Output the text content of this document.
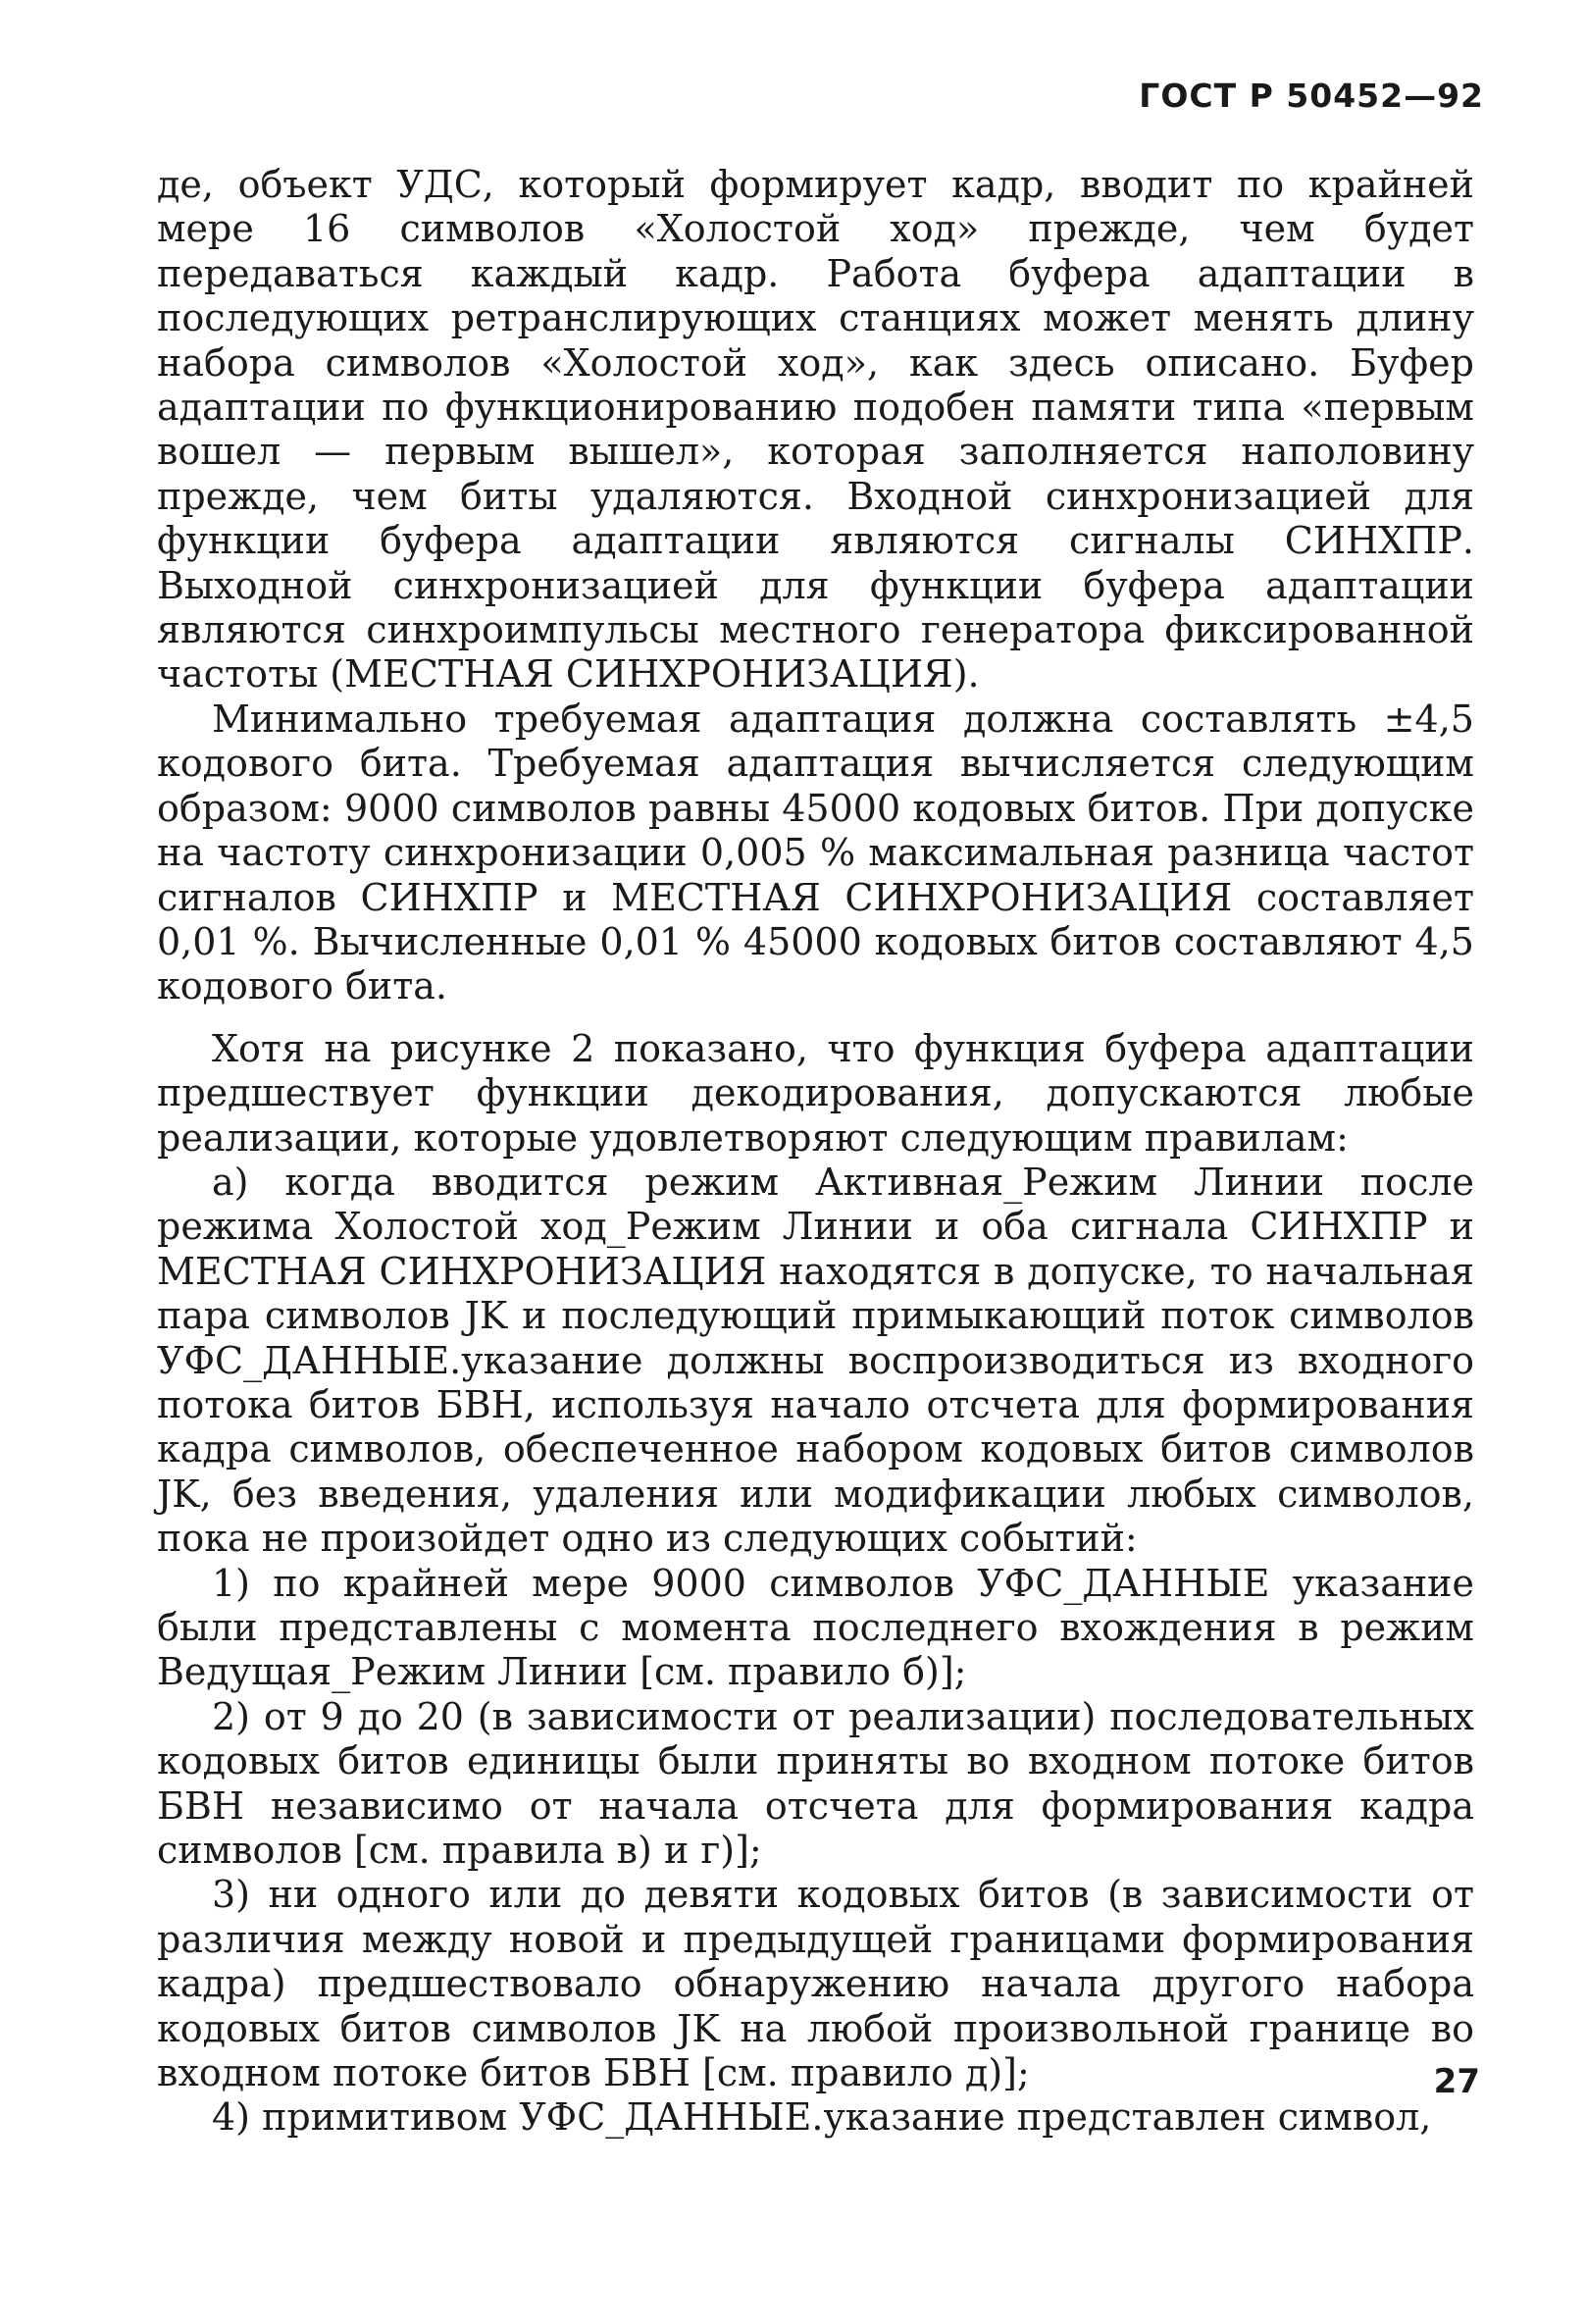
ГОСТ Р 50452—92

де, объект УДС, который формирует кадр, вводит по крайней мере 16 символов «Холостой ход» прежде, чем будет передаваться каждый кадр. Работа буфера адаптации в последующих ретранслирующих станциях может менять длину набора символов «Холостой ход», как здесь описано. Буфер адаптации по функционированию подобен памяти типа «первым вошел — первым вышел», которая заполняется наполовину прежде, чем биты удаляются. Входной синхронизацией для функции буфера адаптации являются сигналы СИНХПР. Выходной синхронизацией для функции буфера адаптации являются синхроимпульсы местного генератора фиксированной частоты (МЕСТНАЯ СИНХРОНИЗАЦИЯ).

Минимально требуемая адаптация должна составлять ±4,5 кодового бита. Требуемая адаптация вычисляется следующим образом: 9000 символов равны 45000 кодовых битов. При допуске на частоту синхронизации 0,005 % максимальная разница частот сигналов СИНХПР и МЕСТНАЯ СИНХРОНИЗАЦИЯ составляет 0,01 %. Вычисленные 0,01 % 45000 кодовых битов составляют 4,5 кодового бита.

Хотя на рисунке 2 показано, что функция буфера адаптации предшествует функции декодирования, допускаются любые реализации, которые удовлетворяют следующим правилам:

а) когда вводится режим Активная_Режим Линии после режима Холостой ход_Режим Линии и оба сигнала СИНХПР и МЕСТНАЯ СИНХРОНИЗАЦИЯ находятся в допуске, то начальная пара символов JK и последующий примыкающий поток символов УФС_ДАННЫЕ.указание должны воспроизводиться из входного потока битов БВН, используя начало отсчета для формирования кадра символов, обеспеченное набором кодовых битов символов JK, без введения, удаления или модификации любых символов, пока не произойдет одно из следующих событий:

1) по крайней мере 9000 символов УФС_ДАННЫЕ указание были представлены с момента последнего вхождения в режим Ведущая_Режим Линии [см. правило б)];

2) от 9 до 20 (в зависимости от реализации) последовательных кодовых битов единицы были приняты во входном потоке битов БВН независимо от начала отсчета для формирования кадра символов [см. правила в) и г)];

3) ни одного или до девяти кодовых битов (в зависимости от различия между новой и предыдущей границами формирования кадра) предшествовало обнаружению начала другого набора кодовых битов символов JK на любой произвольной границе во входном потоке битов БВН [см. правило д)];

4) примитивом УФС_ДАННЫЕ.указание представлен символ,

27
